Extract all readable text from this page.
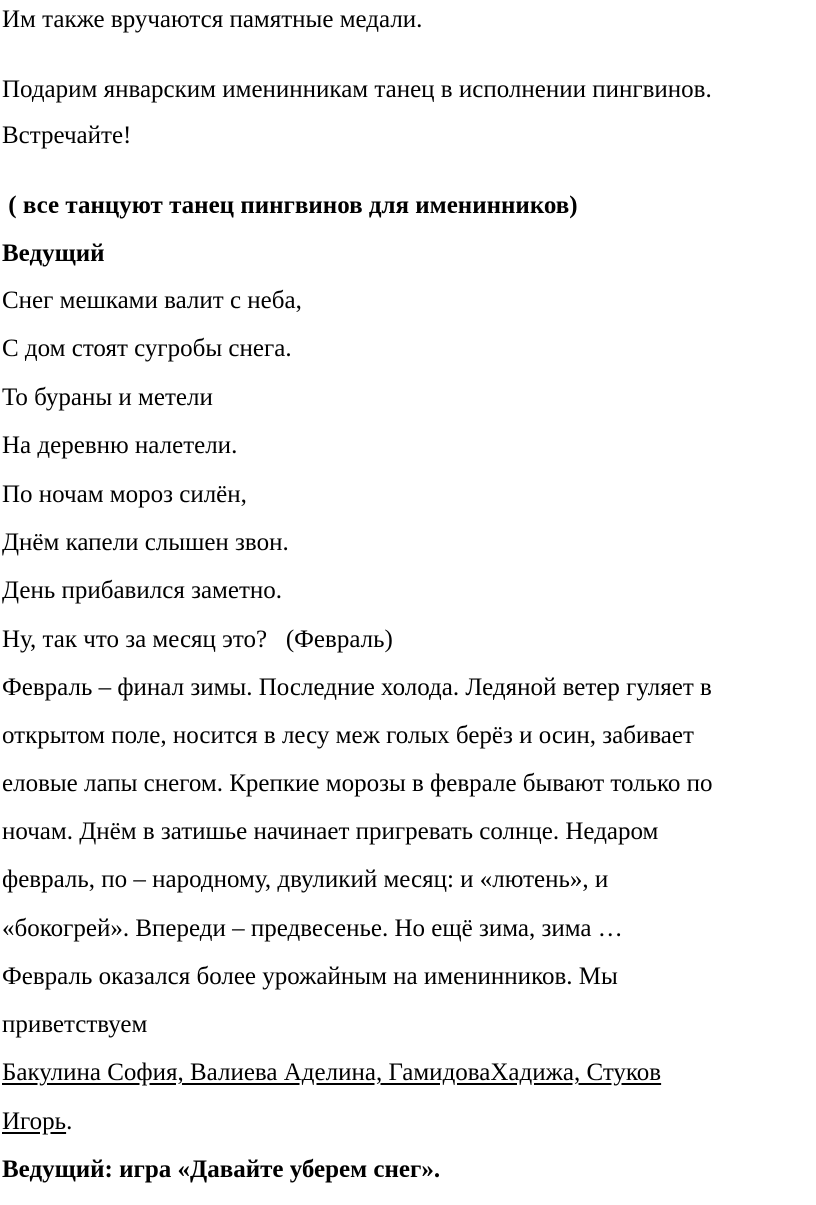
Им также вручаются памятные медали.
Подарим январским именинникам танец в исполнении пингвинов.
Встречайте!
( все танцуют танец пингвинов для именинников)
Ведущий
Снег мешками валит с неба,
С дом стоят сугробы снега.
То бураны и метели
На деревню налетели.
По ночам мороз силён,
Днём капели слышен звон.
День прибавился заметно.
Ну, так что за месяц это?   (Февраль)
Февраль – финал зимы. Последние холода. Ледяной ветер гуляет в
открытом поле, носится в лесу меж голых берёз и осин, забивает
еловые лапы снегом. Крепкие морозы в феврале бывают только по
ночам. Днём в затишье начинает пригревать солнце. Недаром
февраль, по – народному, двуликий месяц: и «лютень», и
«бокогрей». Впереди – предвесенье. Но ещё зима, зима …
Февраль оказался более урожайным на именинников. Мы
приветствуем
Бакулина София, Валиева Аделина, ГамидоваХадижа, Стуков
Игорь.
Ведущий: игра «Давайте уберем снег».
